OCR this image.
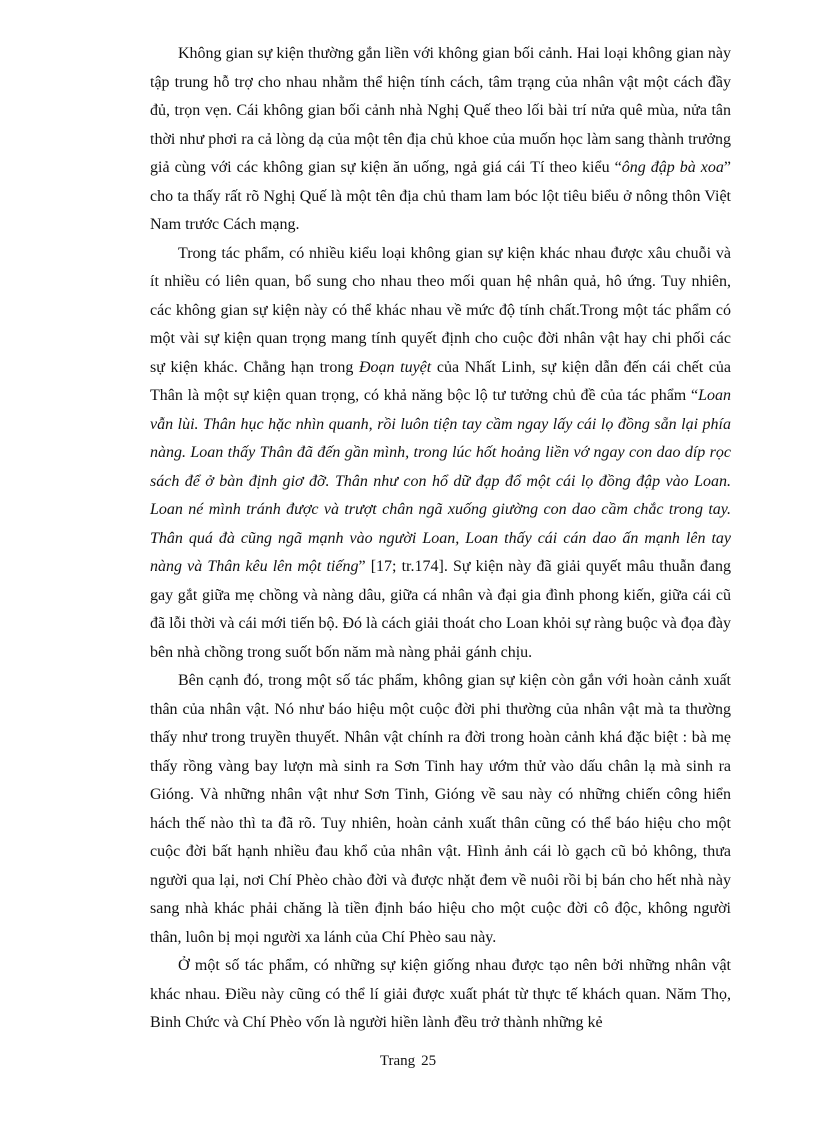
Không gian sự kiện thường gắn liền với không gian bối cảnh. Hai loại không gian này tập trung hỗ trợ cho nhau nhằm thể hiện tính cách, tâm trạng của nhân vật một cách đầy đủ, trọn vẹn. Cái không gian bối cảnh nhà Nghị Quế theo lối bài trí nửa quê mùa, nửa tân thời như phơi ra cả lòng dạ của một tên địa chủ khoe của muốn học làm sang thành trưởng giả cùng với các không gian sự kiện ăn uống, ngả giá cái Tí theo kiểu “ông đập bà xoa” cho ta thấy rất rõ Nghị Quế là một tên địa chủ tham lam bóc lột tiêu biểu ở nông thôn Việt Nam trước Cách mạng.

Trong tác phẩm, có nhiều kiểu loại không gian sự kiện khác nhau được xâu chuỗi và ít nhiều có liên quan, bổ sung cho nhau theo mối quan hệ nhân quả, hô ứng. Tuy nhiên, các không gian sự kiện này có thể khác nhau về mức độ tính chất.Trong một tác phẩm có một vài sự kiện quan trọng mang tính quyết định cho cuộc đời nhân vật hay chi phối các sự kiện khác. Chẳng hạn trong Đoạn tuyệt của Nhất Linh, sự kiện dẫn đến cái chết của Thân là một sự kiện quan trọng, có khả năng bộc lộ tư tưởng chủ đề của tác phẩm “Loan vẫn lùi. Thân hục hặc nhìn quanh, rồi luôn tiện tay cầm ngay lấy cái lọ đồng sẵn lại phía nàng. Loan thấy Thân đã đến gần mình, trong lúc hốt hoảng liền vớ ngay con dao díp rọc sách để ở bàn định giơ đỡ. Thân như con hổ dữ đạp đổ một cái lọ đồng đập vào Loan. Loan né mình tránh được và trượt chân ngã xuống giường con dao cầm chắc trong tay. Thân quá đà cũng ngã mạnh vào người Loan, Loan thấy cái cán dao ấn mạnh lên tay nàng và Thân kêu lên một tiếng” [17; tr.174]. Sự kiện này đã giải quyết mâu thuẫn đang gay gắt giữa mẹ chồng và nàng dâu, giữa cá nhân và đại gia đình phong kiến, giữa cái cũ đã lỗi thời và cái mới tiến bộ. Đó là cách giải thoát cho Loan khỏi sự ràng buộc và đọa đày bên nhà chồng trong suốt bốn năm mà nàng phải gánh chịu.

Bên cạnh đó, trong một số tác phẩm, không gian sự kiện còn gắn với hoàn cảnh xuất thân của nhân vật. Nó như báo hiệu một cuộc đời phi thường của nhân vật mà ta thường thấy như trong truyền thuyết. Nhân vật chính ra đời trong hoàn cảnh khá đặc biệt : bà mẹ thấy rồng vàng bay lượn mà sinh ra Sơn Tinh hay ướm thử vào dấu chân lạ mà sinh ra Gióng. Và những nhân vật như Sơn Tinh, Gióng về sau này có những chiến công hiển hách thế nào thì ta đã rõ. Tuy nhiên, hoàn cảnh xuất thân cũng có thể báo hiệu cho một cuộc đời bất hạnh nhiều đau khổ của nhân vật. Hình ảnh cái lò gạch cũ bỏ không, thưa người qua lại, nơi Chí Phèo chào đời và được nhặt đem về nuôi rồi bị bán cho hết nhà này sang nhà khác phải chăng là tiền định báo hiệu cho một cuộc đời cô độc, không người thân, luôn bị mọi người xa lánh của Chí Phèo sau này.

Ở một số tác phẩm, có những sự kiện giống nhau được tạo nên bởi những nhân vật khác nhau. Điều này cũng có thể lí giải được xuất phát từ thực tế khách quan. Năm Thọ, Binh Chức và Chí Phèo vốn là người hiền lành đều trở thành những kẻ

Trang 25
